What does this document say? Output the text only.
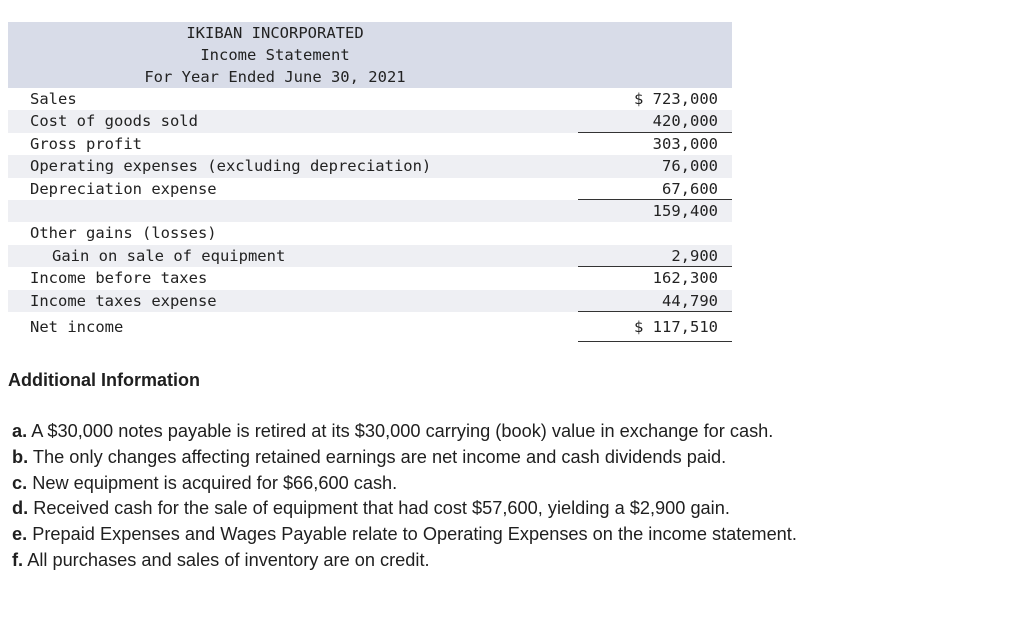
IKIBAN INCORPORATED
Income Statement
For Year Ended June 30, 2021
Sales	$ 723,000
Cost of goods sold	420,000
Gross profit	303,000
Operating expenses (excluding depreciation)	76,000
Depreciation expense	67,600
159,400
Other gains (losses)
Gain on sale of equipment	2,900
Income before taxes	162,300
Income taxes expense	44,790
Net income	$ 117,510
Additional Information
a. A $30,000 notes payable is retired at its $30,000 carrying (book) value in exchange for cash.
b. The only changes affecting retained earnings are net income and cash dividends paid.
c. New equipment is acquired for $66,600 cash.
d. Received cash for the sale of equipment that had cost $57,600, yielding a $2,900 gain.
e. Prepaid Expenses and Wages Payable relate to Operating Expenses on the income statement.
f. All purchases and sales of inventory are on credit.
